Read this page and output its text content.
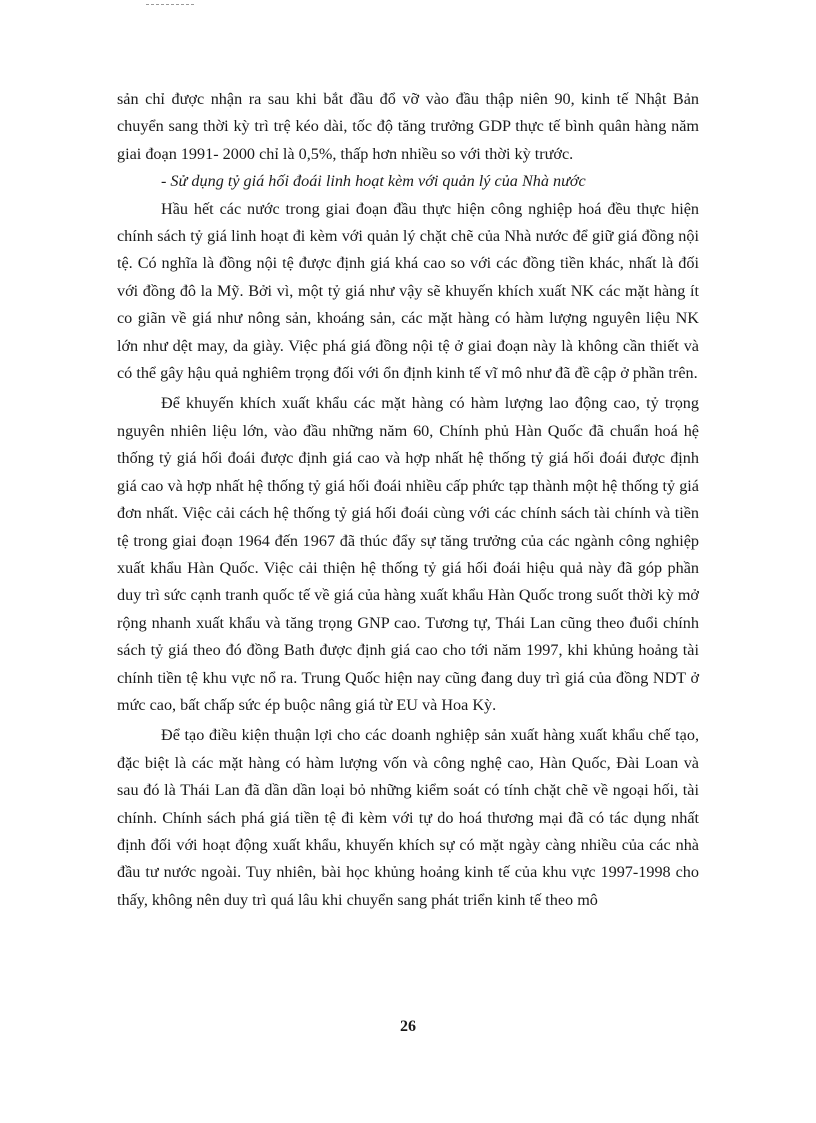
sản chỉ được nhận ra sau khi bắt đầu đổ vỡ vào đầu thập niên 90, kinh tế Nhật Bản chuyển sang thời kỳ trì trệ kéo dài, tốc độ tăng trưởng GDP thực tế bình quân hàng năm giai đoạn 1991- 2000 chỉ là 0,5%, thấp hơn nhiều so với thời kỳ trước.

- Sử dụng tỷ giá hối đoái linh hoạt kèm với quản lý của Nhà nước

Hầu hết các nước trong giai đoạn đầu thực hiện công nghiệp hoá đều thực hiện chính sách tỷ giá linh hoạt đi kèm với quản lý chặt chẽ của Nhà nước để giữ giá đồng nội tệ. Có nghĩa là đồng nội tệ được định giá khá cao so với các đồng tiền khác, nhất là đối với đồng đô la Mỹ. Bởi vì, một tỷ giá như vậy sẽ khuyến khích xuất NK các mặt hàng ít co giãn về giá như nông sản, khoáng sản, các mặt hàng có hàm lượng nguyên liệu NK lớn như dệt may, da giày. Việc phá giá đồng nội tệ ở giai đoạn này là không cần thiết và có thể gây hậu quả nghiêm trọng đối với ổn định kinh tế vĩ mô như đã đề cập ở phần trên.

Để khuyến khích xuất khẩu các mặt hàng có hàm lượng lao động cao, tỷ trọng nguyên nhiên liệu lớn, vào đầu những năm 60, Chính phủ Hàn Quốc đã chuẩn hoá hệ thống tỷ giá hối đoái được định giá cao và hợp nhất hệ thống tỷ giá hối đoái được định giá cao và hợp nhất hệ thống tỷ giá hối đoái nhiều cấp phức tạp thành một hệ thống tỷ giá đơn nhất. Việc cải cách hệ thống tỷ giá hối đoái cùng với các chính sách tài chính và tiền tệ trong giai đoạn 1964 đến 1967 đã thúc đẩy sự tăng trưởng của các ngành công nghiệp xuất khẩu Hàn Quốc. Việc cải thiện hệ thống tỷ giá hối đoái hiệu quả này đã góp phần duy trì sức cạnh tranh quốc tế về giá của hàng xuất khẩu Hàn Quốc trong suốt thời kỳ mở rộng nhanh xuất khẩu và tăng trọng GNP cao. Tương tự, Thái Lan cũng theo đuổi chính sách tỷ giá theo đó đồng Bath được định giá cao cho tới năm 1997, khi khủng hoảng tài chính tiền tệ khu vực nổ ra. Trung Quốc hiện nay cũng đang duy trì giá của đồng NDT ở mức cao, bất chấp sức ép buộc nâng giá từ EU và Hoa Kỳ.

Để tạo điều kiện thuận lợi cho các doanh nghiệp sản xuất hàng xuất khẩu chế tạo, đặc biệt là các mặt hàng có hàm lượng vốn và công nghệ cao, Hàn Quốc, Đài Loan và sau đó là Thái Lan đã dần dần loại bỏ những kiểm soát có tính chặt chẽ về ngoại hối, tài chính. Chính sách phá giá tiền tệ đi kèm với tự do hoá thương mại đã có tác dụng nhất định đối với hoạt động xuất khẩu, khuyến khích sự có mặt ngày càng nhiều của các nhà đầu tư nước ngoài. Tuy nhiên, bài học khủng hoảng kinh tế của khu vực 1997-1998 cho thấy, không nên duy trì quá lâu khi chuyển sang phát triển kinh tế theo mô

26
